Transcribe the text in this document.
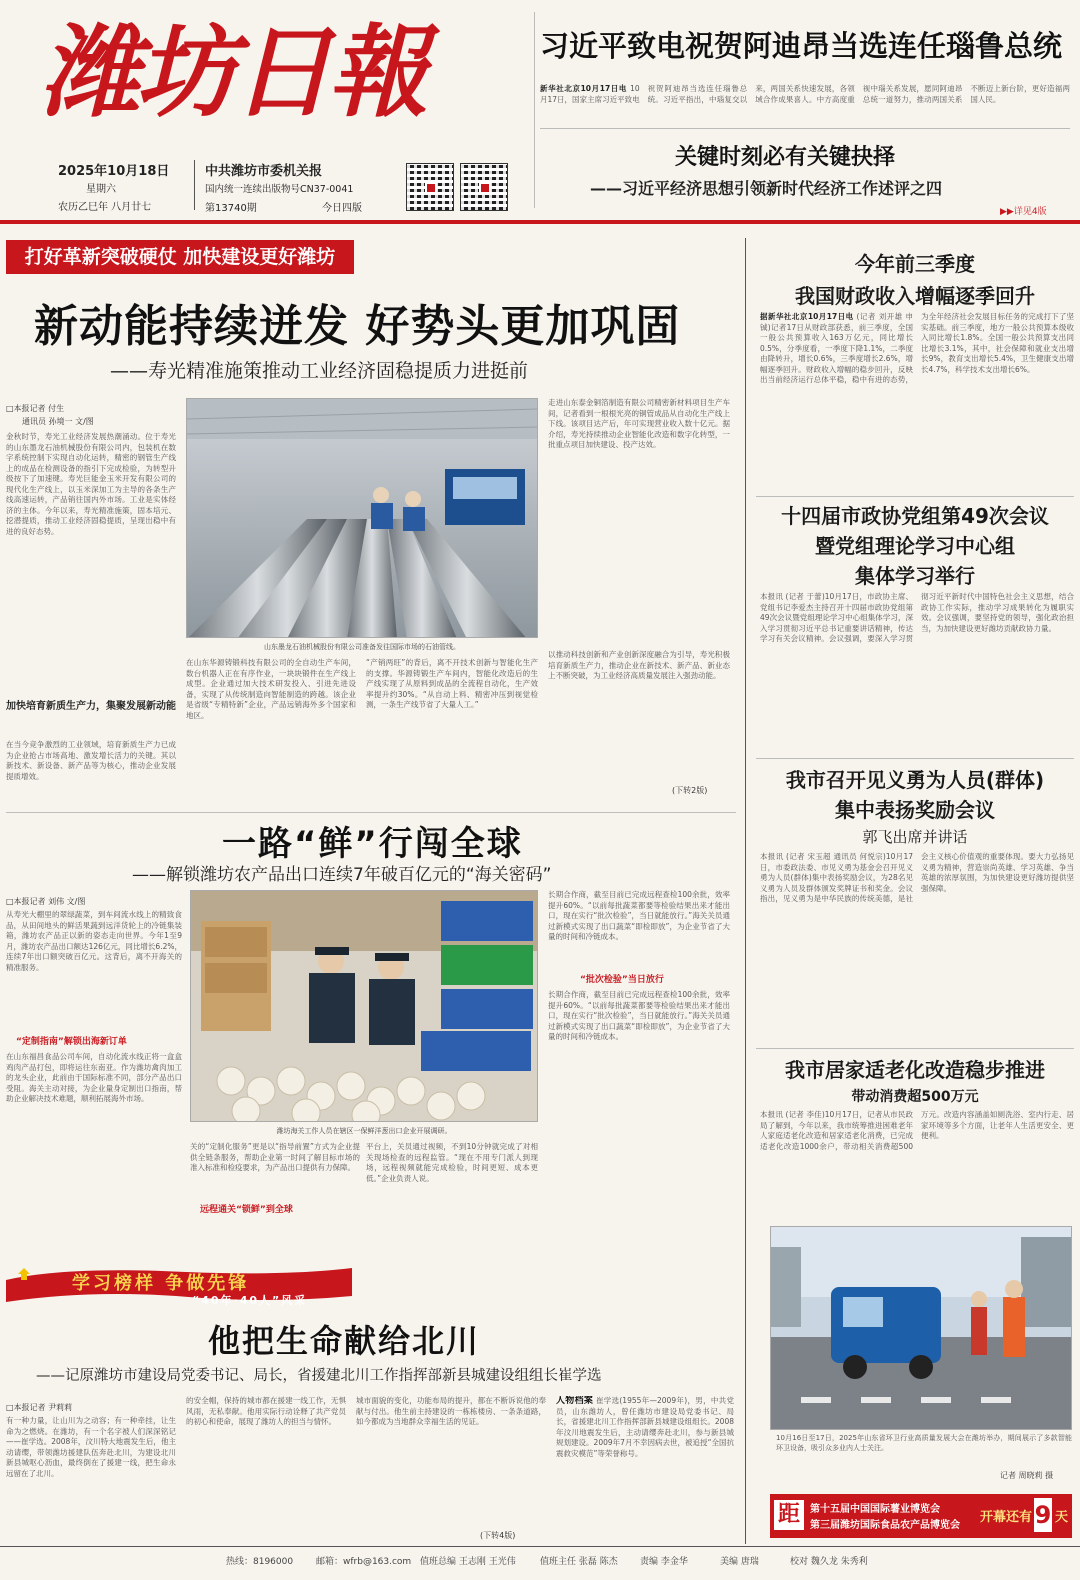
潍坊日報
2025年10月18日
星期六
农历乙巳年 八月廿七
中共潍坊市委机关报
国内统一连续出版物号CN37-0041
第13740期	今日四版
习近平致电祝贺阿迪昂当选连任瑙鲁总统
新华社北京10月17日电 10月17日，国家主席习近平致电祝贺阿迪昂当选连任瑙鲁总统。习近平指出，中瑙复交以来，两国关系快速发展，各领域合作成果喜人。中方高度重视中瑙关系发展，愿同阿迪昂总统一道努力，推动两国关系不断迈上新台阶，更好造福两国人民。
关键时刻必有关键抉择
——习近平经济思想引领新时代经济工作述评之四
▶▶详见4版
打好革新突破硬仗 加快建设更好潍坊
新动能持续迸发 好势头更加巩固
——寿光精准施策推动工业经济固稳提质力进挺前
□本报记者 付生
通讯员 孙境一 文/图

金秋时节，寿光工业经济发展热潮涌动。位于寿光的山东墨龙石油机械股份有限公司内，包装机在数字系统控制下实现自动化运转，精密的钢管生产线上的成品在检测设备的指引下完成检验，为转型升级按下了加速键。寿光巨能金玉米开发有限公司的现代化生产线上，以玉米深加工为主导的各条生产线高速运转，产品销往国内外市场。工业是实体经济的主体。今年以来，寿光精准施策，固本培元、挖潜提质，推动工业经济固稳提质，呈现出稳中有进的良好态势。

加快培育新质生产力，集聚发展新动能

在当今竞争激烈的工业领域，培育新质生产力已成为企业抢占市场高地、激发增长活力的关键。其以新技术、新设备、新产品等为核心，推动企业发展提质增效。

山东墨龙石油机械股份有限公司准备发往国际市场的石油管线。

在山东华源铸锻科技有限公司的全自动生产车间，数台机器人正在有序作业，一块块锻件在生产线上成型。企业通过加大技术研发投入、引进先进设备，实现了从传统制造向智能制造的跨越。该企业是省级“专精特新”企业，产品远销海外多个国家和地区。

“产销两旺”的背后，离不开技术创新与智能化生产的支撑。华源铸锻生产车间内，智能化改造后的生产线实现了从原料到成品的全流程自动化，生产效率提升约30%。“从自动上料、精密冲压到视觉检测，一条生产线节省了大量人工。”

走进山东泰金铜箔制造有限公司精密新材料项目生产车间，记者看到一根根光亮的铜管成品从自动化生产线上下线。该项目达产后，年可实现营业收入数十亿元。据介绍，寿光持续推动企业智能化改造和数字化转型，一批重点项目加快建设、投产达效。

以推动科技创新和产业创新深度融合为引导，寿光积极培育新质生产力，推动企业在新技术、新产品、新业态上不断突破，为工业经济高质量发展注入强劲动能。

(下转2版)
一路“鲜”行闯全球
——解锁潍坊农产品出口连续7年破百亿元的“海关密码”
□本报记者 刘伟 文/图

从寿光大棚里的翠绿蔬菜，到车间流水线上的精致食品，从田间地头的鲜活果蔬到远洋货轮上的冷链集装箱，潍坊农产品正以新的姿态走向世界。今年1至9月，潍坊农产品出口额达126亿元，同比增长6.2%，连续7年出口额突破百亿元。这背后，离不开海关的精准服务。

“定制指南”解锁出海新订单

在山东福昌食品公司车间，自动化流水线正将一盒盒鸡肉产品打包，即将运往东南亚。作为潍坊禽肉加工的龙头企业，此前由于国际标准不同，部分产品出口受阻。海关主动对接，为企业量身定制出口指南，帮助企业解决技术难题，顺利拓展海外市场。

潍坊海关工作人员在辖区一保鲜洋葱出口企业开展调研。

关的“定制化服务”更是以“指导前置”方式为企业提供全链条服务，帮助企业第一时间了解目标市场的准入标准和检疫要求，为产品出口提供有力保障。

远程通关“锁鲜”到全球

平台上，关员通过视频，不到10分钟就完成了对相关现场检查的远程监管。“现在不用专门派人到现场，远程视频就能完成检验，时间更短、成本更低。”企业负责人说。

长期合作商，截至目前已完成远程查检100余批，效率提升60%。“以前每批蔬菜都要等检验结果出来才能出口，现在实行“批次检验”，当日就能放行。”海关关员通过新模式实现了出口蔬菜“即检即放”，为企业节省了大量的时间和冷链成本。

“批次检验”当日放行

长期合作商，截至目前已完成远程查检100余批，效率提升60%。“以前每批蔬菜都要等检验结果出来才能出口，现在实行“批次检验”，当日就能放行。”海关关员通过新模式实现了出口蔬菜“即检即放”，为企业节省了大量的时间和冷链成本。

学习榜样 争做先锋
“40年·40人”风采
他把生命献给北川
——记原潍坊市建设局党委书记、局长，省援建北川工作指挥部新县城建设组组长崔学选
□本报记者 尹莉莉

有一种力量，让山川为之动容；有一种牵挂，让生命为之燃烧。在潍坊，有一个名字被人们深深铭记——崔学选。2008年，汶川特大地震发生后，他主动请缨，带领潍坊援建队伍奔赴北川，为建设北川新县城呕心沥血，最终倒在了援建一线，把生命永远留在了北川。

的安全帽，保持的城市都在援建一线工作，无惧风雨，无私奉献。他用实际行动诠释了共产党员的初心和使命，展现了潍坊人的担当与情怀。

城市面貌的变化，功能布局的提升，都在不断诉说他的奉献与付出。他生前主持建设的一栋栋楼房、一条条道路，如今都成为当地群众幸福生活的见证。

人物档案 崔学选(1955年—2009年)，男，中共党员，山东潍坊人，曾任潍坊市建设局党委书记、局长，省援建北川工作指挥部新县城建设组组长。2008年汶川地震发生后，主动请缨奔赴北川，参与新县城规划建设。2009年7月不幸因病去世，被追授“全国抗震救灾模范”等荣誉称号。
(下转4版)
今年前三季度
我国财政收入增幅逐季回升
据新华社北京10月17日电 (记者 刘开雄 申铖)记者17日从财政部获悉，前三季度，全国一般公共预算收入163万亿元，同比增长0.5%，分季度看，一季度下降1.1%，二季度由降转升，增长0.6%，三季度增长2.6%，增幅逐季回升。财政收入增幅的稳步回升，反映出当前经济运行总体平稳，稳中有进的态势，为全年经济社会发展目标任务的完成打下了坚实基础。前三季度，地方一般公共预算本级收入同比增长1.8%。全国一般公共预算支出同比增长3.1%，其中，社会保障和就业支出增长9%，教育支出增长5.4%，卫生健康支出增长4.7%，科学技术支出增长6%。
十四届市政协党组第49次会议
暨党组理论学习中心组
集体学习举行
本报讯 (记者 于蕾)10月17日，市政协主席、党组书记李爱杰主持召开十四届市政协党组第49次会议暨党组理论学习中心组集体学习，深入学习贯彻习近平总书记重要讲话精神，传达学习有关会议精神。会议强调，要深入学习贯彻习近平新时代中国特色社会主义思想，结合政协工作实际，推动学习成果转化为履职实效。会议强调，要坚持党的领导，强化政治担当，为加快建设更好潍坊贡献政协力量。
我市召开见义勇为人员(群体)
集中表扬奖励会议
郭飞出席并讲话
本报讯 (记者 宋玉超 通讯员 何悦宗)10月17日，市委政法委、市见义勇为基金会召开见义勇为人员(群体)集中表扬奖励会议，为28名见义勇为人员及群体颁发奖牌证书和奖金。会议指出，见义勇为是中华民族的传统美德，是社会主义核心价值观的重要体现。要大力弘扬见义勇为精神，营造崇尚英雄、学习英雄、争当英雄的浓厚氛围，为加快建设更好潍坊提供坚强保障。
我市居家适老化改造稳步推进
带动消费超500万元
本报讯 (记者 李佳)10月17日，记者从市民政局了解到，今年以来，我市统筹推进困难老年人家庭适老化改造和居家适老化消费，已完成适老化改造1000余户，带动相关消费超500万元。改造内容涵盖如厕洗浴、室内行走、居家环境等多个方面，让老年人生活更安全、更便利。
10月16日至17日，2025年山东省环卫行业高质量发展大会在潍坊举办，期间展示了多款智能环卫设备，吸引众多业内人士关注。
记者 周晓莉 摄
距	第十五届中国国际薯业博览会
第三届潍坊国际食品农产品博览会
开幕还有 9 天
热线：8196000	邮箱：wfrb@163.com 值班总编 王志刚 王光伟	值班主任 张磊 陈杰 责编 李金华	美编 唐瑞	校对 魏久龙 朱秀利
